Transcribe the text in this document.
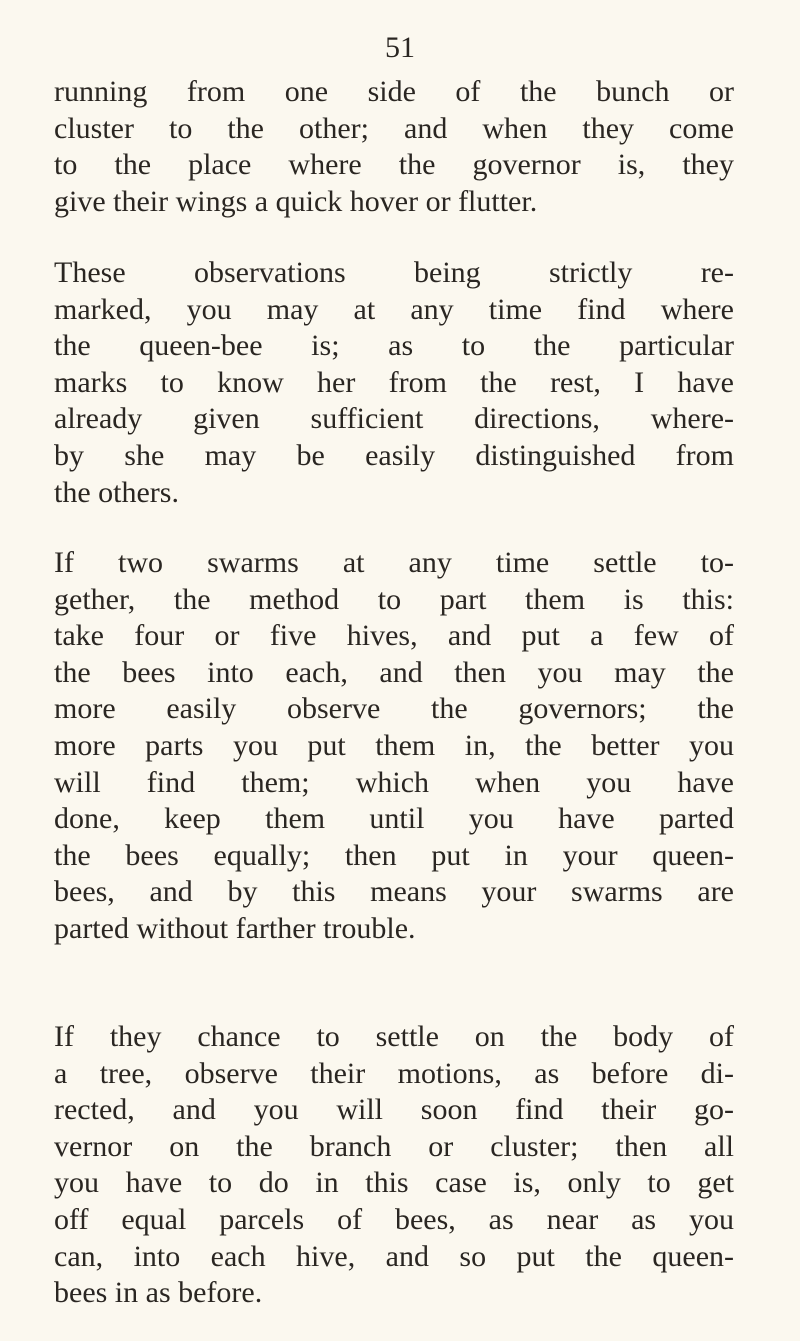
51
running from one side of the bunch or
cluster to the other; and when they come
to the place where the governor is, they
give their wings a quick hover or flutter.
These observations being strictly re-
marked, you may at any time find where
the queen-bee is; as to the particular
marks to know her from the rest, I have
already given sufficient directions, where-
by she may be easily distinguished from
the others.
If two swarms at any time settle to-
gether, the method to part them is this:
take four or five hives, and put a few of
the bees into each, and then you may the
more easily observe the governors; the
more parts you put them in, the better you
will find them; which when you have
done, keep them until you have parted
the bees equally; then put in your queen-
bees, and by this means your swarms are
parted without farther trouble.
If they chance to settle on the body of
a tree, observe their motions, as before di-
rected, and you will soon find their go-
vernor on the branch or cluster; then all
you have to do in this case is, only to get
off equal parcels of bees, as near as you
can, into each hive, and so put the queen-
bees in as before.
